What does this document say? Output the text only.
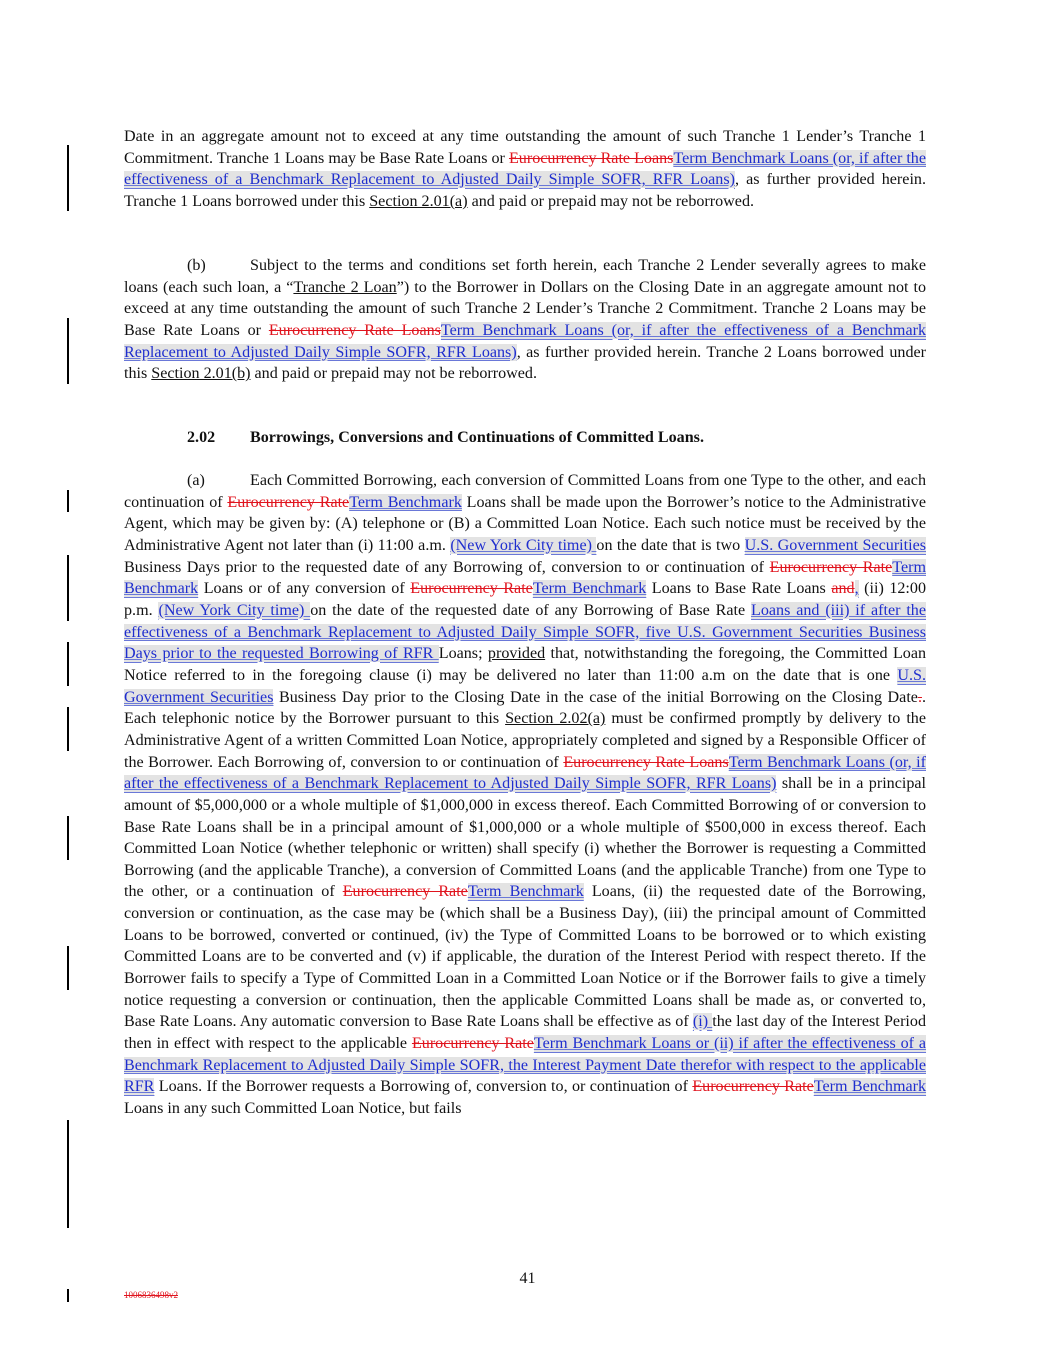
Date in an aggregate amount not to exceed at any time outstanding the amount of such Tranche 1 Lender’s Tranche 1 Commitment. Tranche 1 Loans may be Base Rate Loans or Eurocurrency Rate LoansTerm Benchmark Loans (or, if after the effectiveness of a Benchmark Replacement to Adjusted Daily Simple SOFR, RFR Loans), as further provided herein. Tranche 1 Loans borrowed under this Section 2.01(a) and paid or prepaid may not be reborrowed.

(b)	Subject to the terms and conditions set forth herein, each Tranche 2 Lender severally agrees to make loans (each such loan, a “Tranche 2 Loan”) to the Borrower in Dollars on the Closing Date in an aggregate amount not to exceed at any time outstanding the amount of such Tranche 2 Lender’s Tranche 2 Commitment. Tranche 2 Loans may be Base Rate Loans or Eurocurrency Rate LoansTerm Benchmark Loans (or, if after the effectiveness of a Benchmark Replacement to Adjusted Daily Simple SOFR, RFR Loans), as further provided herein. Tranche 2 Loans borrowed under this Section 2.01(b) and paid or prepaid may not be reborrowed.

2.02 Borrowings, Conversions and Continuations of Committed Loans.

(a)	Each Committed Borrowing, each conversion of Committed Loans from one Type to the other, and each continuation of Eurocurrency RateTerm Benchmark Loans shall be made upon the Borrower’s notice to the Administrative Agent, which may be given by: (A) telephone or (B) a Committed Loan Notice. Each such notice must be received by the Administrative Agent not later than (i) 11:00 a.m. (New York City time) on the date that is two U.S. Government Securities Business Days prior to the requested date of any Borrowing of, conversion to or continuation of Eurocurrency RateTerm Benchmark Loans or of any conversion of Eurocurrency RateTerm Benchmark Loans to Base Rate Loans and, (ii) 12:00 p.m. (New York City time) on the date of the requested date of any Borrowing of Base Rate Loans and (iii) if after the effectiveness of a Benchmark Replacement to Adjusted Daily Simple SOFR, five U.S. Government Securities Business Days prior to the requested Borrowing of RFR Loans; provided that, notwithstanding the foregoing, the Committed Loan Notice referred to in the foregoing clause (i) may be delivered no later than 11:00 a.m on the date that is one U.S. Government Securities Business Day prior to the Closing Date in the case of the initial Borrowing on the Closing Date.. Each telephonic notice by the Borrower pursuant to this Section 2.02(a) must be confirmed promptly by delivery to the Administrative Agent of a written Committed Loan Notice, appropriately completed and signed by a Responsible Officer of the Borrower. Each Borrowing of, conversion to or continuation of Eurocurrency Rate LoansTerm Benchmark Loans (or, if after the effectiveness of a Benchmark Replacement to Adjusted Daily Simple SOFR, RFR Loans) shall be in a principal amount of $5,000,000 or a whole multiple of $1,000,000 in excess thereof. Each Committed Borrowing of or conversion to Base Rate Loans shall be in a principal amount of $1,000,000 or a whole multiple of $500,000 in excess thereof. Each Committed Loan Notice (whether telephonic or written) shall specify (i) whether the Borrower is requesting a Committed Borrowing (and the applicable Tranche), a conversion of Committed Loans (and the applicable Tranche) from one Type to the other, or a continuation of Eurocurrency RateTerm Benchmark Loans, (ii) the requested date of the Borrowing, conversion or continuation, as the case may be (which shall be a Business Day), (iii) the principal amount of Committed Loans to be borrowed, converted or continued, (iv) the Type of Committed Loans to be borrowed or to which existing Committed Loans are to be converted and (v) if applicable, the duration of the Interest Period with respect thereto. If the Borrower fails to specify a Type of Committed Loan in a Committed Loan Notice or if the Borrower fails to give a timely notice requesting a conversion or continuation, then the applicable Committed Loans shall be made as, or converted to, Base Rate Loans. Any automatic conversion to Base Rate Loans shall be effective as of (i) the last day of the Interest Period then in effect with respect to the applicable Eurocurrency RateTerm Benchmark Loans or (ii) if after the effectiveness of a Benchmark Replacement to Adjusted Daily Simple SOFR, the Interest Payment Date therefor with respect to the applicable RFR Loans. If the Borrower requests a Borrowing of, conversion to, or continuation of Eurocurrency RateTerm Benchmark Loans in any such Committed Loan Notice, but fails

41
1006836498v2
